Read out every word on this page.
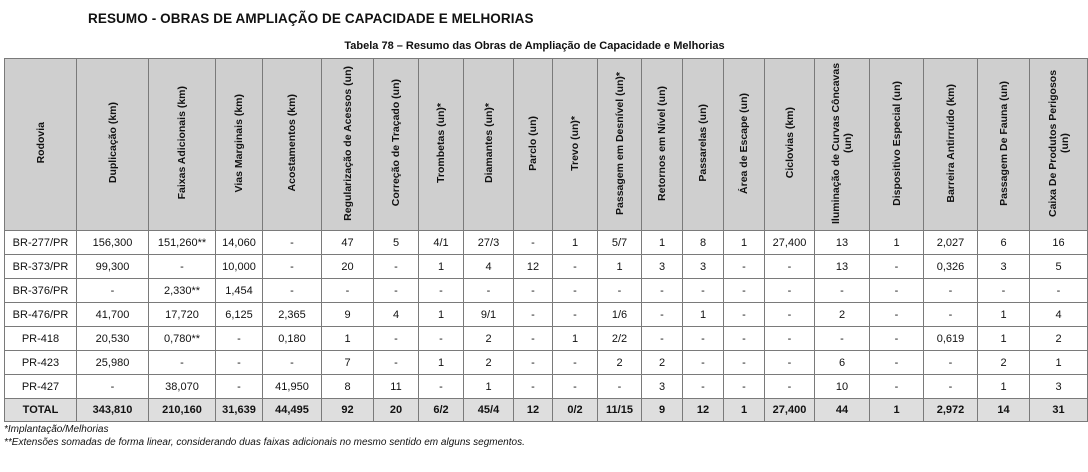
RESUMO - OBRAS DE AMPLIAÇÃO DE CAPACIDADE E MELHORIAS
Tabela 78 – Resumo das Obras de Ampliação de Capacidade e Melhorias
Rodovia	Duplicação (km)	Faixas Adicionais (km)	Vias Marginais (km)	Acostamentos (km)	Regularização de Acessos (un)	Correção de Traçado (un)	Trombetas (un)*	Diamantes (un)*	Parclo (un)	Trevo (un)*	Passagem em Desnível (un)*	Retornos em Nível (un)	Passarelas (un)	Área de Escape (un)	Ciclovias (km)	Iluminação de Curvas Côncavas (un)	Dispositivo Especial (un)	Barreira Antirruído (km)	Passagem De Fauna (un)	Caixa De Produtos Perigosos (un)
BR-277/PR	156,300	151,260**	14,060	-	47	5	4/1	27/3	-	1	5/7	1	8	1	27,400	13	1	2,027	6	16
BR-373/PR	99,300	-	10,000	-	20	-	1	4	12	-	1	3	3	-	-	13	-	0,326	3	5
BR-376/PR	-	2,330**	1,454	-	-	-	-	-	-	-	-	-	-	-	-	-	-	-	-	-
BR-476/PR	41,700	17,720	6,125	2,365	9	4	1	9/1	-	-	1/6	-	1	-	-	2	-	-	1	4
PR-418	20,530	0,780**	-	0,180	1	-	-	2	-	1	2/2	-	-	-	-	-	-	0,619	1	2
PR-423	25,980	-	-	-	7	-	1	2	-	-	2	2	-	-	-	6	-	-	2	1
PR-427	-	38,070	-	41,950	8	11	-	1	-	-	-	3	-	-	-	10	-	-	1	3
TOTAL	343,810	210,160	31,639	44,495	92	20	6/2	45/4	12	0/2	11/15	9	12	1	27,400	44	1	2,972	14	31
*Implantação/Melhorias
**Extensões somadas de forma linear, considerando duas faixas adicionais no mesmo sentido em alguns segmentos.
